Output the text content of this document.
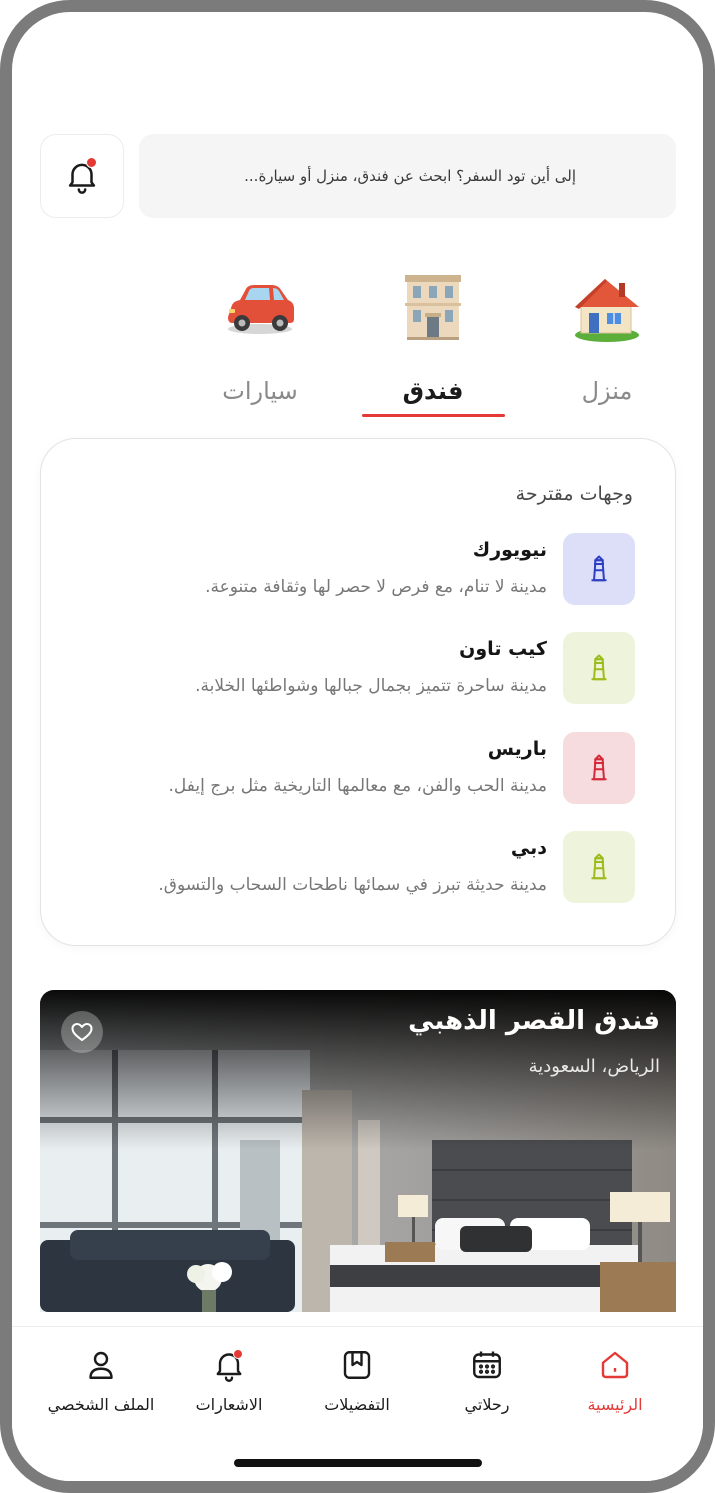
إلى أين تود السفر؟ ابحث عن فندق، منزل أو سيارة...
منزل
فندق
سيارات
وجهات مقترحة
نيويورك
مدينة لا تنام، مع فرص لا حصر لها وثقافة متنوعة.
كيب تاون
مدينة ساحرة تتميز بجمال جبالها وشواطئها الخلابة.
باريس
مدينة الحب والفن، مع معالمها التاريخية مثل برج إيفل.
دبي
مدينة حديثة تبرز في سمائها ناطحات السحاب والتسوق.
فندق القصر الذهبي
الرياض، السعودية
الرئيسية
رحلاتي
التفضيلات
الاشعارات
الملف الشخصي
